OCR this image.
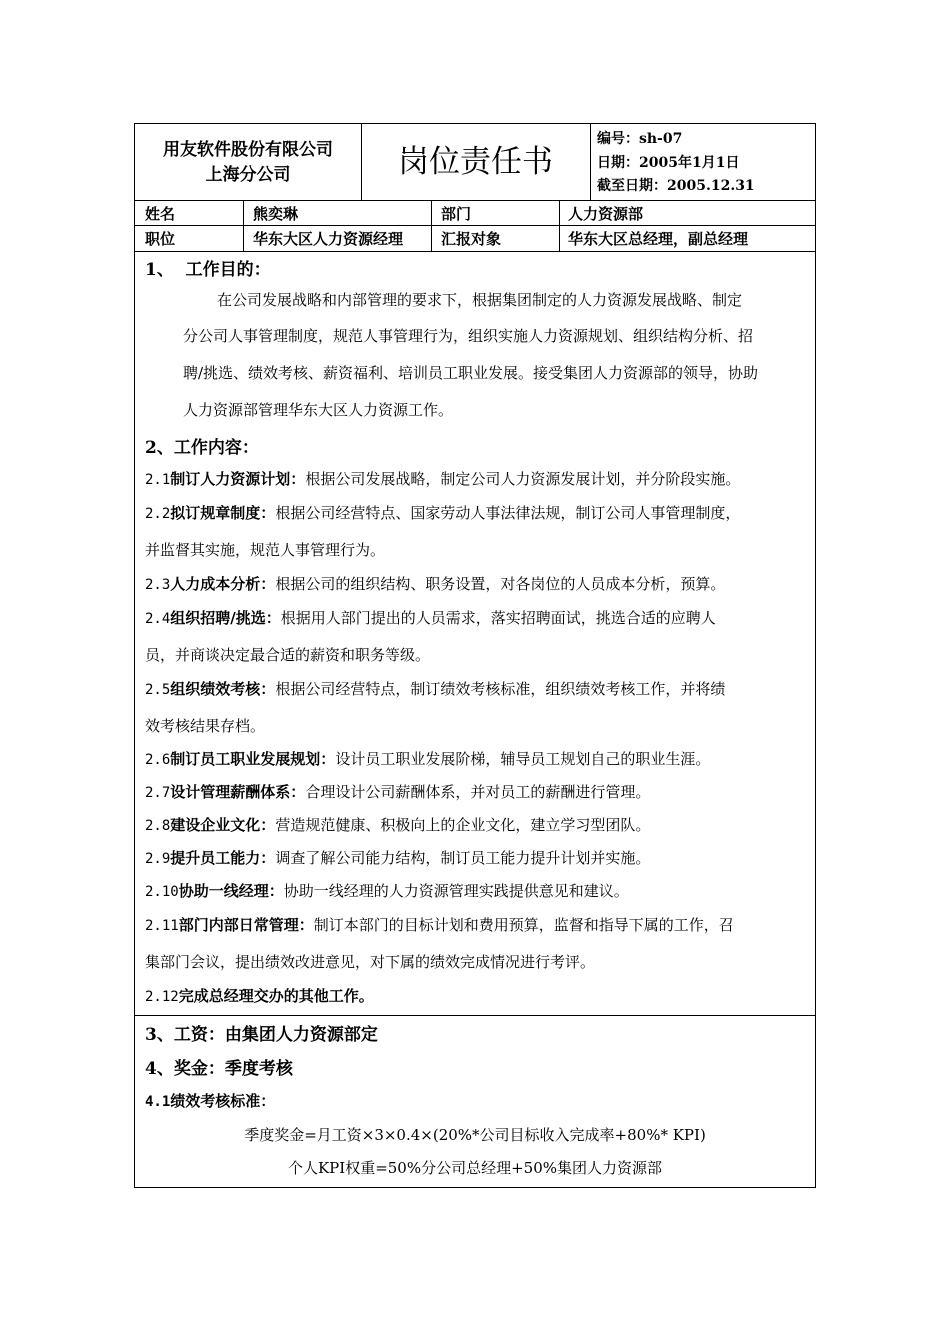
用友软件股份有限公司
上海分公司	岗位责任书
编号：sh-07
日期：2005年1月1日
截至日期：2005.12.31
姓名	熊奕琳	部门	人力资源部
职位	华东大区人力资源经理	汇报对象	华东大区总经理，副总经理
1、  工作目的：
在公司发展战略和内部管理的要求下，根据集团制定的人力资源发展战略、制定
分公司人事管理制度，规范人事管理行为，组织实施人力资源规划、组织结构分析、招
聘/挑选、绩效考核、薪资福利、培训员工职业发展。接受集团人力资源部的领导，协助
人力资源部管理华东大区人力资源工作。
2、工作内容：
2.1制订人力资源计划：根据公司发展战略，制定公司人力资源发展计划，并分阶段实施。
2.2拟订规章制度：根据公司经营特点、国家劳动人事法律法规，制订公司人事管理制度，
并监督其实施，规范人事管理行为。
2.3人力成本分析：根据公司的组织结构、职务设置，对各岗位的人员成本分析，预算。
2.4组织招聘/挑选：根据用人部门提出的人员需求，落实招聘面试，挑选合适的应聘人
员，并商谈决定最合适的薪资和职务等级。
2.5组织绩效考核：根据公司经营特点，制订绩效考核标准，组织绩效考核工作，并将绩
效考核结果存档。
2.6制订员工职业发展规划：设计员工职业发展阶梯，辅导员工规划自己的职业生涯。
2.7设计管理薪酬体系：合理设计公司薪酬体系，并对员工的薪酬进行管理。
2.8建设企业文化：营造规范健康、积极向上的企业文化，建立学习型团队。
2.9提升员工能力：调查了解公司能力结构，制订员工能力提升计划并实施。
2.10协助一线经理：协助一线经理的人力资源管理实践提供意见和建议。
2.11部门内部日常管理：制订本部门的目标计划和费用预算，监督和指导下属的工作，召
集部门会议，提出绩效改进意见，对下属的绩效完成情况进行考评。
2.12完成总经理交办的其他工作。
3、工资：由集团人力资源部定
4、奖金：季度考核
4.1绩效考核标准：
季度奖金=月工资×3×0.4×(20%*公司目标收入完成率+80%* KPI)
个人KPI权重=50%分公司总经理+50%集团人力资源部
